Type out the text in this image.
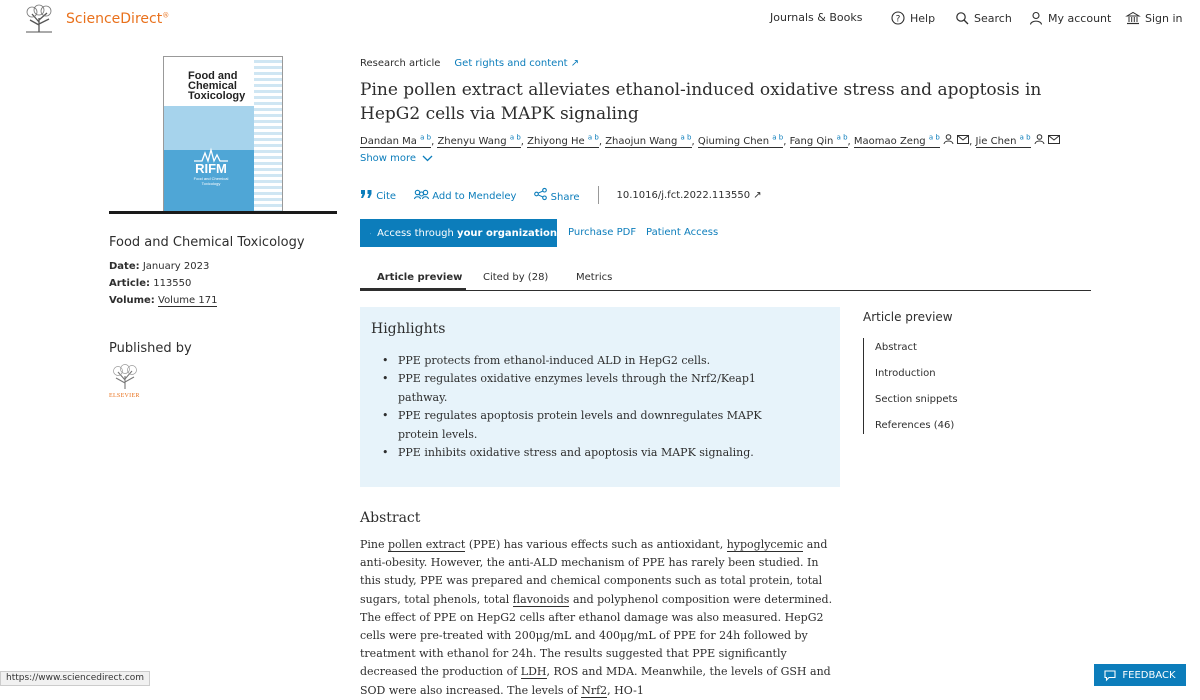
ScienceDirect®	Journals & Books	? Help	Search	My account	Sign in
Food and
Chemical
Toxicology
RIFM
Food and Chemical Toxicology
Food and Chemical Toxicology
Date: January 2023
Article: 113550
Volume: Volume 171
Published by
ELSEVIER
Research article Get rights and content ↗
Pine pollen extract alleviates ethanol-induced oxidative stress and apoptosis in HepG2 cells via MAPK signaling
Dandan Ma $^{a b}$, Zhenyu Wang $^{a b}$, Zhiyong He $^{a b}$, Zhaojun Wang $^{a b}$, Qiuming Chen $^{a b}$, Fang Qin $^{a b}$, Maomao Zeng $^{a b}$	, Jie Chen $^{a b}$
Show more
Cite	Add to Mendeley	Share	10.1016/j.fct.2022.113550 ↗
Access through your organization Purchase PDF Patient Access
Article preview Cited by (28)	Metrics
Highlights
• PPE protects from ethanol-induced ALD in HepG2 cells.
• PPE regulates oxidative enzymes levels through the Nrf2/Keap1 pathway.
• PPE regulates apoptosis protein levels and downregulates MAPK protein levels.
• PPE inhibits oxidative stress and apoptosis via MAPK signaling.
Abstract

Pine pollen extract (PPE) has various effects such as antioxidant, hypoglycemic and anti-obesity. However, the anti-ALD mechanism of PPE has rarely been studied. In this study, PPE was prepared and chemical components such as total protein, total sugars, total phenols, total flavonoids and polyphenol composition were determined. The effect of PPE on HepG2 cells after ethanol damage was also measured. HepG2 cells were pre-treated with 200μg/mL and 400μg/mL of PPE for 24h followed by treatment with ethanol for 24h. The results suggested that PPE significantly decreased the production of LDH, ROS and MDA. Meanwhile, the levels of GSH and SOD were also increased. The levels of Nrf2, HO-1

Article preview
Abstract
Introduction
Section snippets
References (46)
https://www.sciencedirect.com	FEEDBACK
